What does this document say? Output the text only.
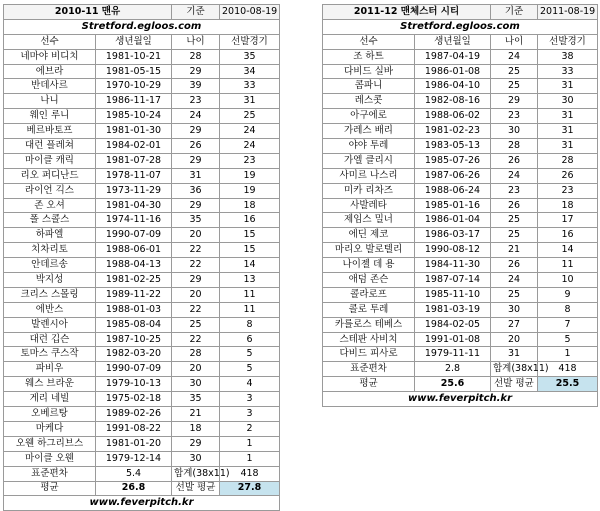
2010-11 맨유		기준	2010-08-19
Stretford.egloos.com			
선수	생년월일	나이	선발경기
네마야 비디치	1981-10-21	28	35
에브라	1981-05-15	29	34
반데사르	1970-10-29	39	33
나니	1986-11-17	23	31
웨인 루니	1985-10-24	24	25
베르바토프	1981-01-30	29	24
대런 플레쳐	1984-02-01	26	24
마이클 캐릭	1981-07-28	29	23
리오 퍼디난드	1978-11-07	31	19
라이언 긱스	1973-11-29	36	19
존 오셔	1981-04-30	29	18
폴 스콜스	1974-11-16	35	16
하파엘	1990-07-09	20	15
치차리토	1988-06-01	22	15
안데르송	1988-04-13	22	14
박지성	1981-02-25	29	13
크리스 스몰링	1989-11-22	20	11
에반스	1988-01-03	22	11
발렌시아	1985-08-04	25	8
대런 깁슨	1987-10-25	22	6
토마스 쿠스작	1982-03-20	28	5
파비우	1990-07-09	20	5
웨스 브라운	1979-10-13	30	4
게리 네빌	1975-02-18	35	3
오베르탕	1989-02-26	21	3
마케다	1991-08-22	18	2
오웬 하그리브스	1981-01-20	29	1
마이클 오웬	1979-12-14	30	1
표준편차	5.4	합계(38x11)	418
평균	26.8	선발 평균	27.8
www.feverpitch.kr			
2011-12 맨체스터 시티		기준	2011-08-19
Stretford.egloos.com			
선수	생년월일	나이	선발경기
조 하트	1987-04-19	24	38
다비드 실바	1986-01-08	25	33
콤파니	1986-04-10	25	31
레스콧	1982-08-16	29	30
아구에로	1988-06-02	23	31
가레스 배리	1981-02-23	30	31
야야 투레	1983-05-13	28	31
가엘 클리시	1985-07-26	26	28
사미르 나스리	1987-06-26	24	26
미카 리차즈	1988-06-24	23	23
사발레타	1985-01-16	26	18
제임스 밀너	1986-01-04	25	17
에딘 제코	1986-03-17	25	16
마리오 발로텔리	1990-08-12	21	14
나이젤 데 용	1984-11-30	26	11
애덤 존슨	1987-07-14	24	10
콜라로프	1985-11-10	25	9
콜로 투레	1981-03-19	30	8
카를로스 테베스	1984-02-05	27	7
스테판 사비치	1991-01-08	20	5
다비드 피사로	1979-11-11	31	1
표준편차	2.8	합계(38x11)	418
평균	25.6	선발 평균	25.5
www.feverpitch.kr			
